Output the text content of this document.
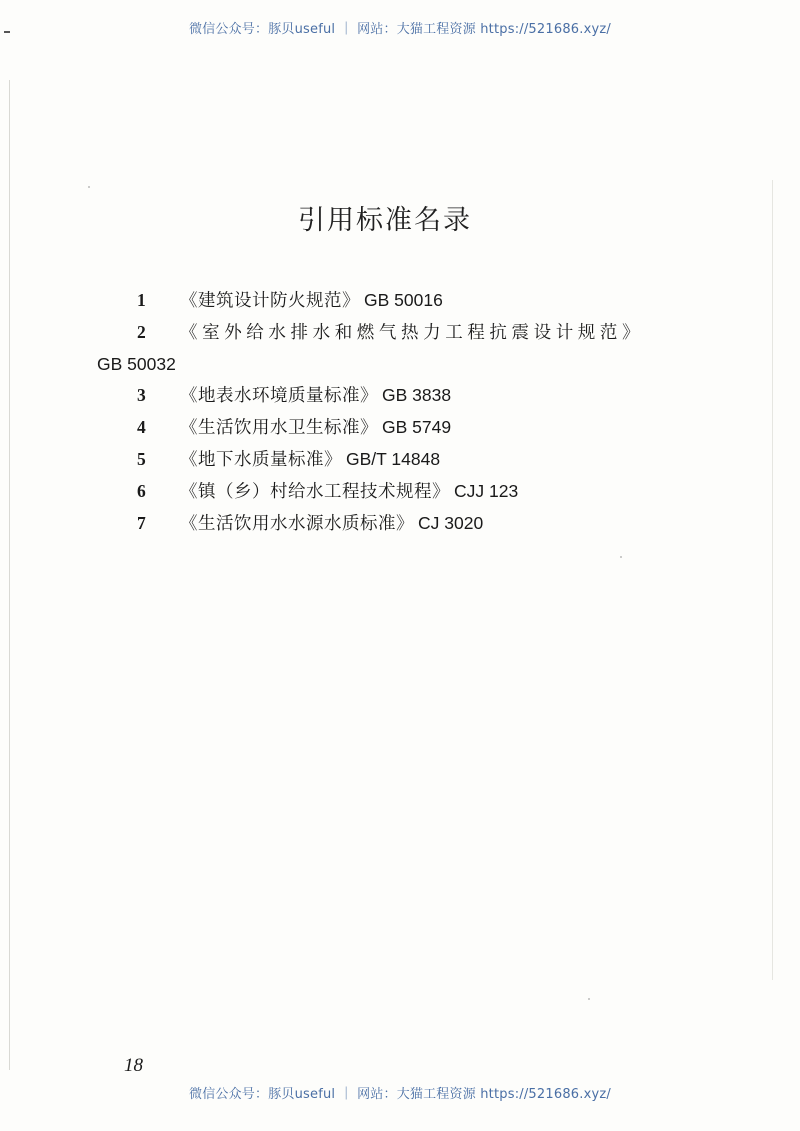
微信公众号：豚贝useful ｜ 网站：大猫工程资源 https://521686.xyz/
引用标准名录
1 《建筑设计防火规范》 GB 50016
2 《室外给水排水和燃气热力工程抗震设计规范》
GB 50032
3 《地表水环境质量标准》 GB 3838
4 《生活饮用水卫生标准》 GB 5749
5 《地下水质量标准》 GB/T 14848
6 《镇（乡）村给水工程技术规程》 CJJ 123
7 《生活饮用水水源水质标准》 CJ 3020
18
微信公众号：豚贝useful ｜ 网站：大猫工程资源 https://521686.xyz/
